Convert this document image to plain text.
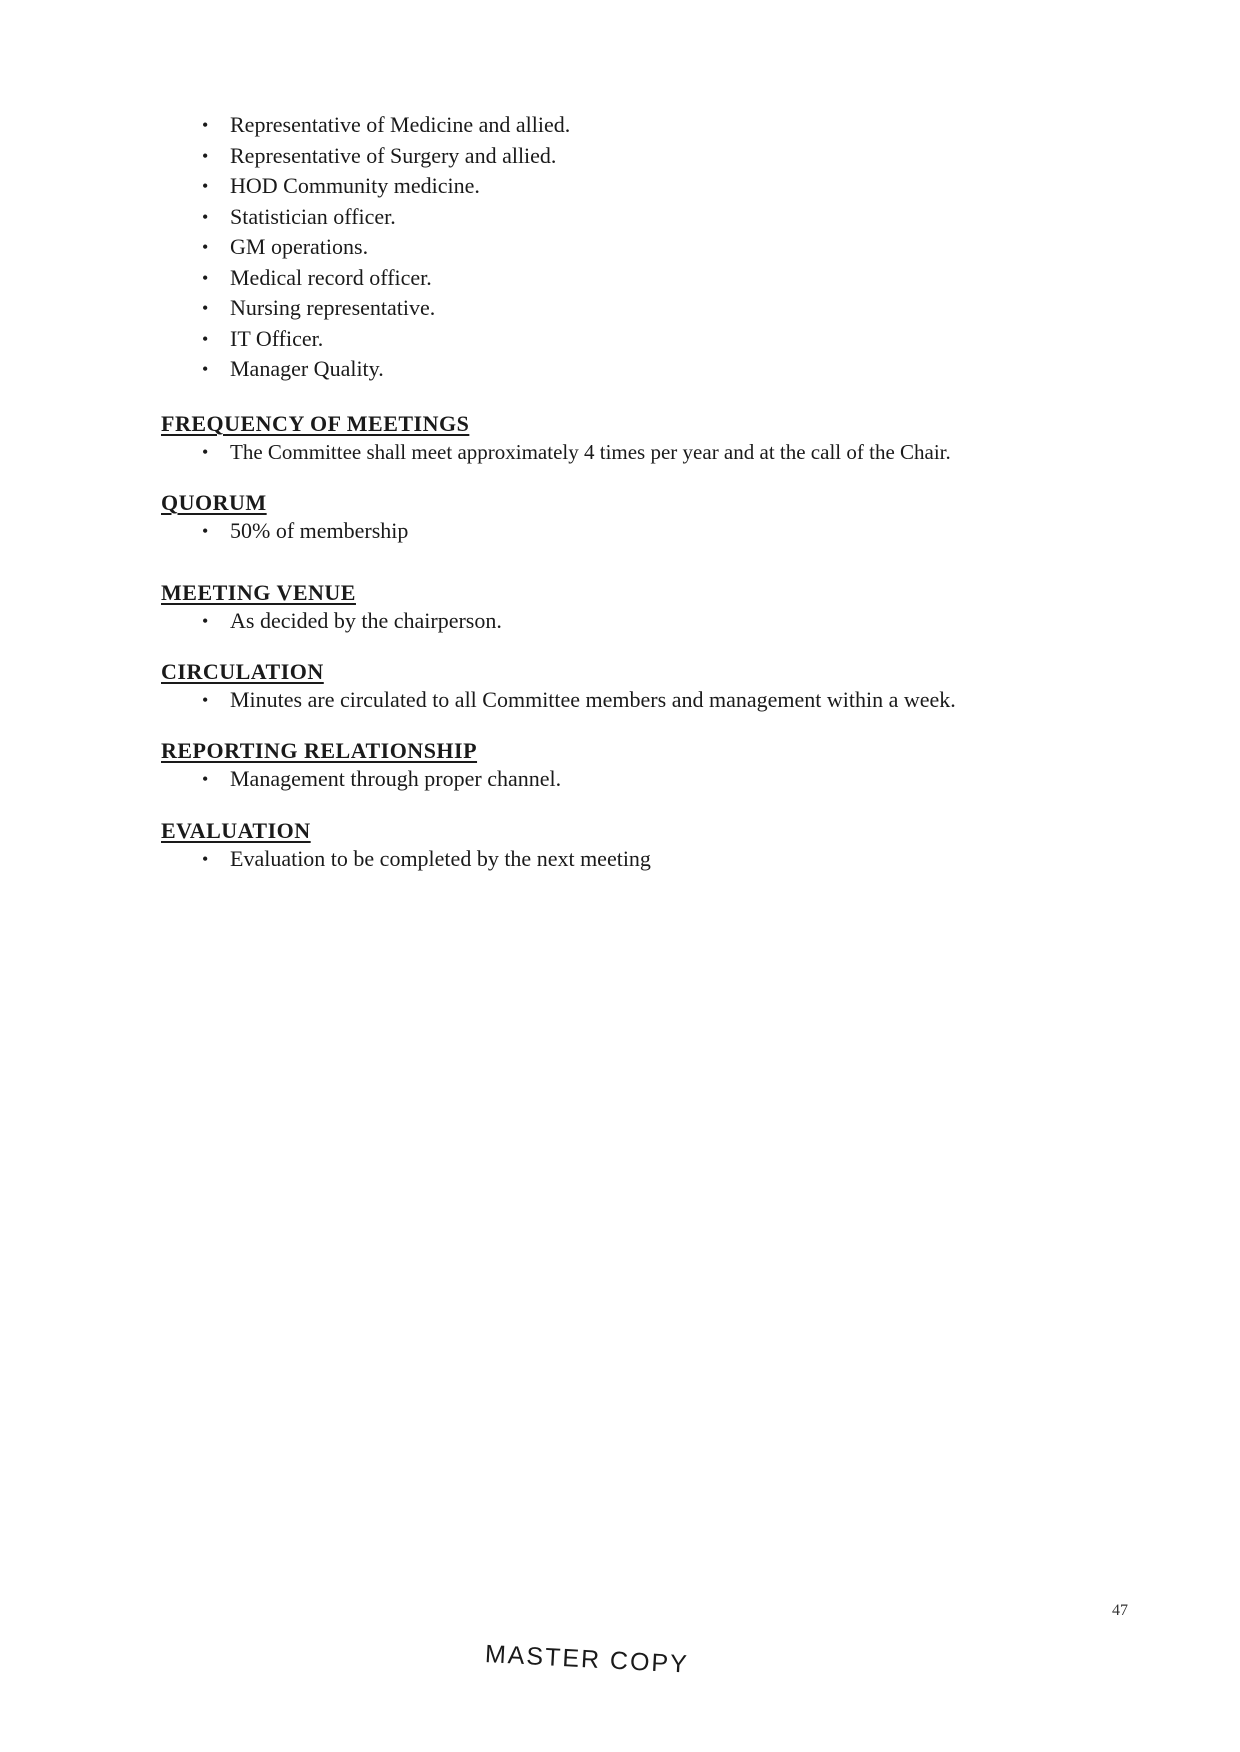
• Representative of Medicine and allied.
• Representative of Surgery and allied.
• HOD Community medicine.
• Statistician officer.
• GM operations.
• Medical record officer.
• Nursing representative.
• IT Officer.
• Manager Quality.
FREQUENCY OF MEETINGS
• The Committee shall meet approximately 4 times per year and at the call of the Chair.
QUORUM
• 50% of membership
MEETING VENUE
• As decided by the chairperson.
CIRCULATION
• Minutes are circulated to all Committee members and management within a week.
REPORTING RELATIONSHIP
• Management through proper channel.
EVALUATION
• Evaluation to be completed by the next meeting
47
MASTER COPY
